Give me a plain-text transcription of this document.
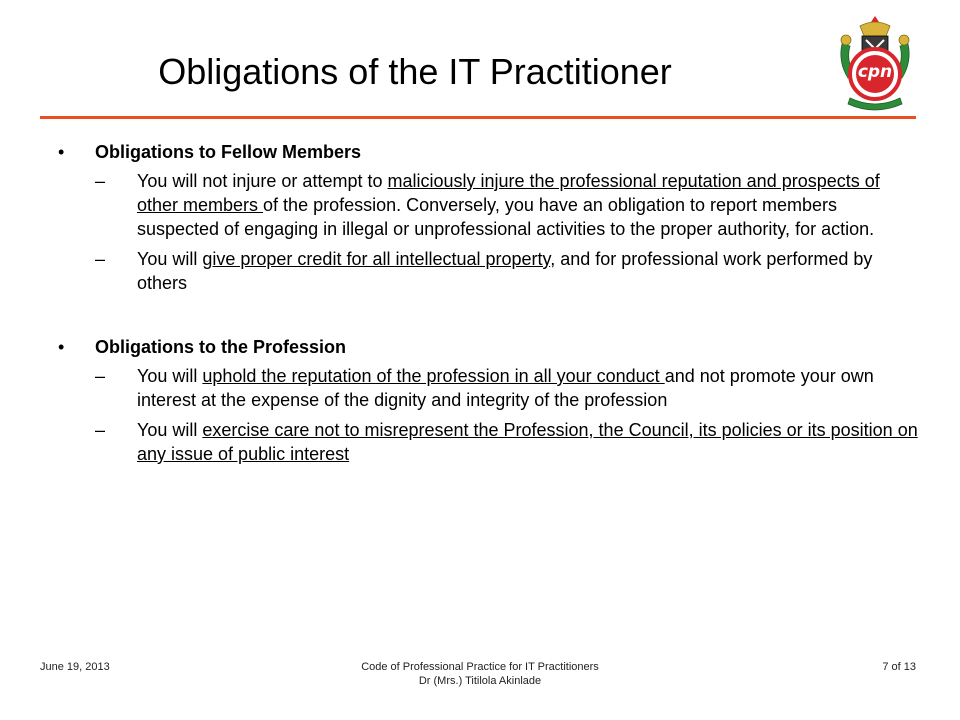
Obligations of the IT Practitioner	cpn
•	Obligations to Fellow Members
– You will not injure or attempt to maliciously injure the professional reputation and prospects of other members of the profession. Conversely, you have an obligation to report members suspected of engaging in illegal or unprofessional activities to the proper authority, for action.
– You will give proper credit for all intellectual property, and for professional work performed by others
•	Obligations to the Profession
– You will uphold the reputation of the profession in all your conduct and not promote your own interest at the expense of the dignity and integrity of the profession
– You will exercise care not to misrepresent the Profession, the Council, its policies or its position on any issue of public interest
June 19, 2013	Code of Professional Practice for IT Practitioners
Dr (Mrs.) Titilola Akinlade
7 of 13
